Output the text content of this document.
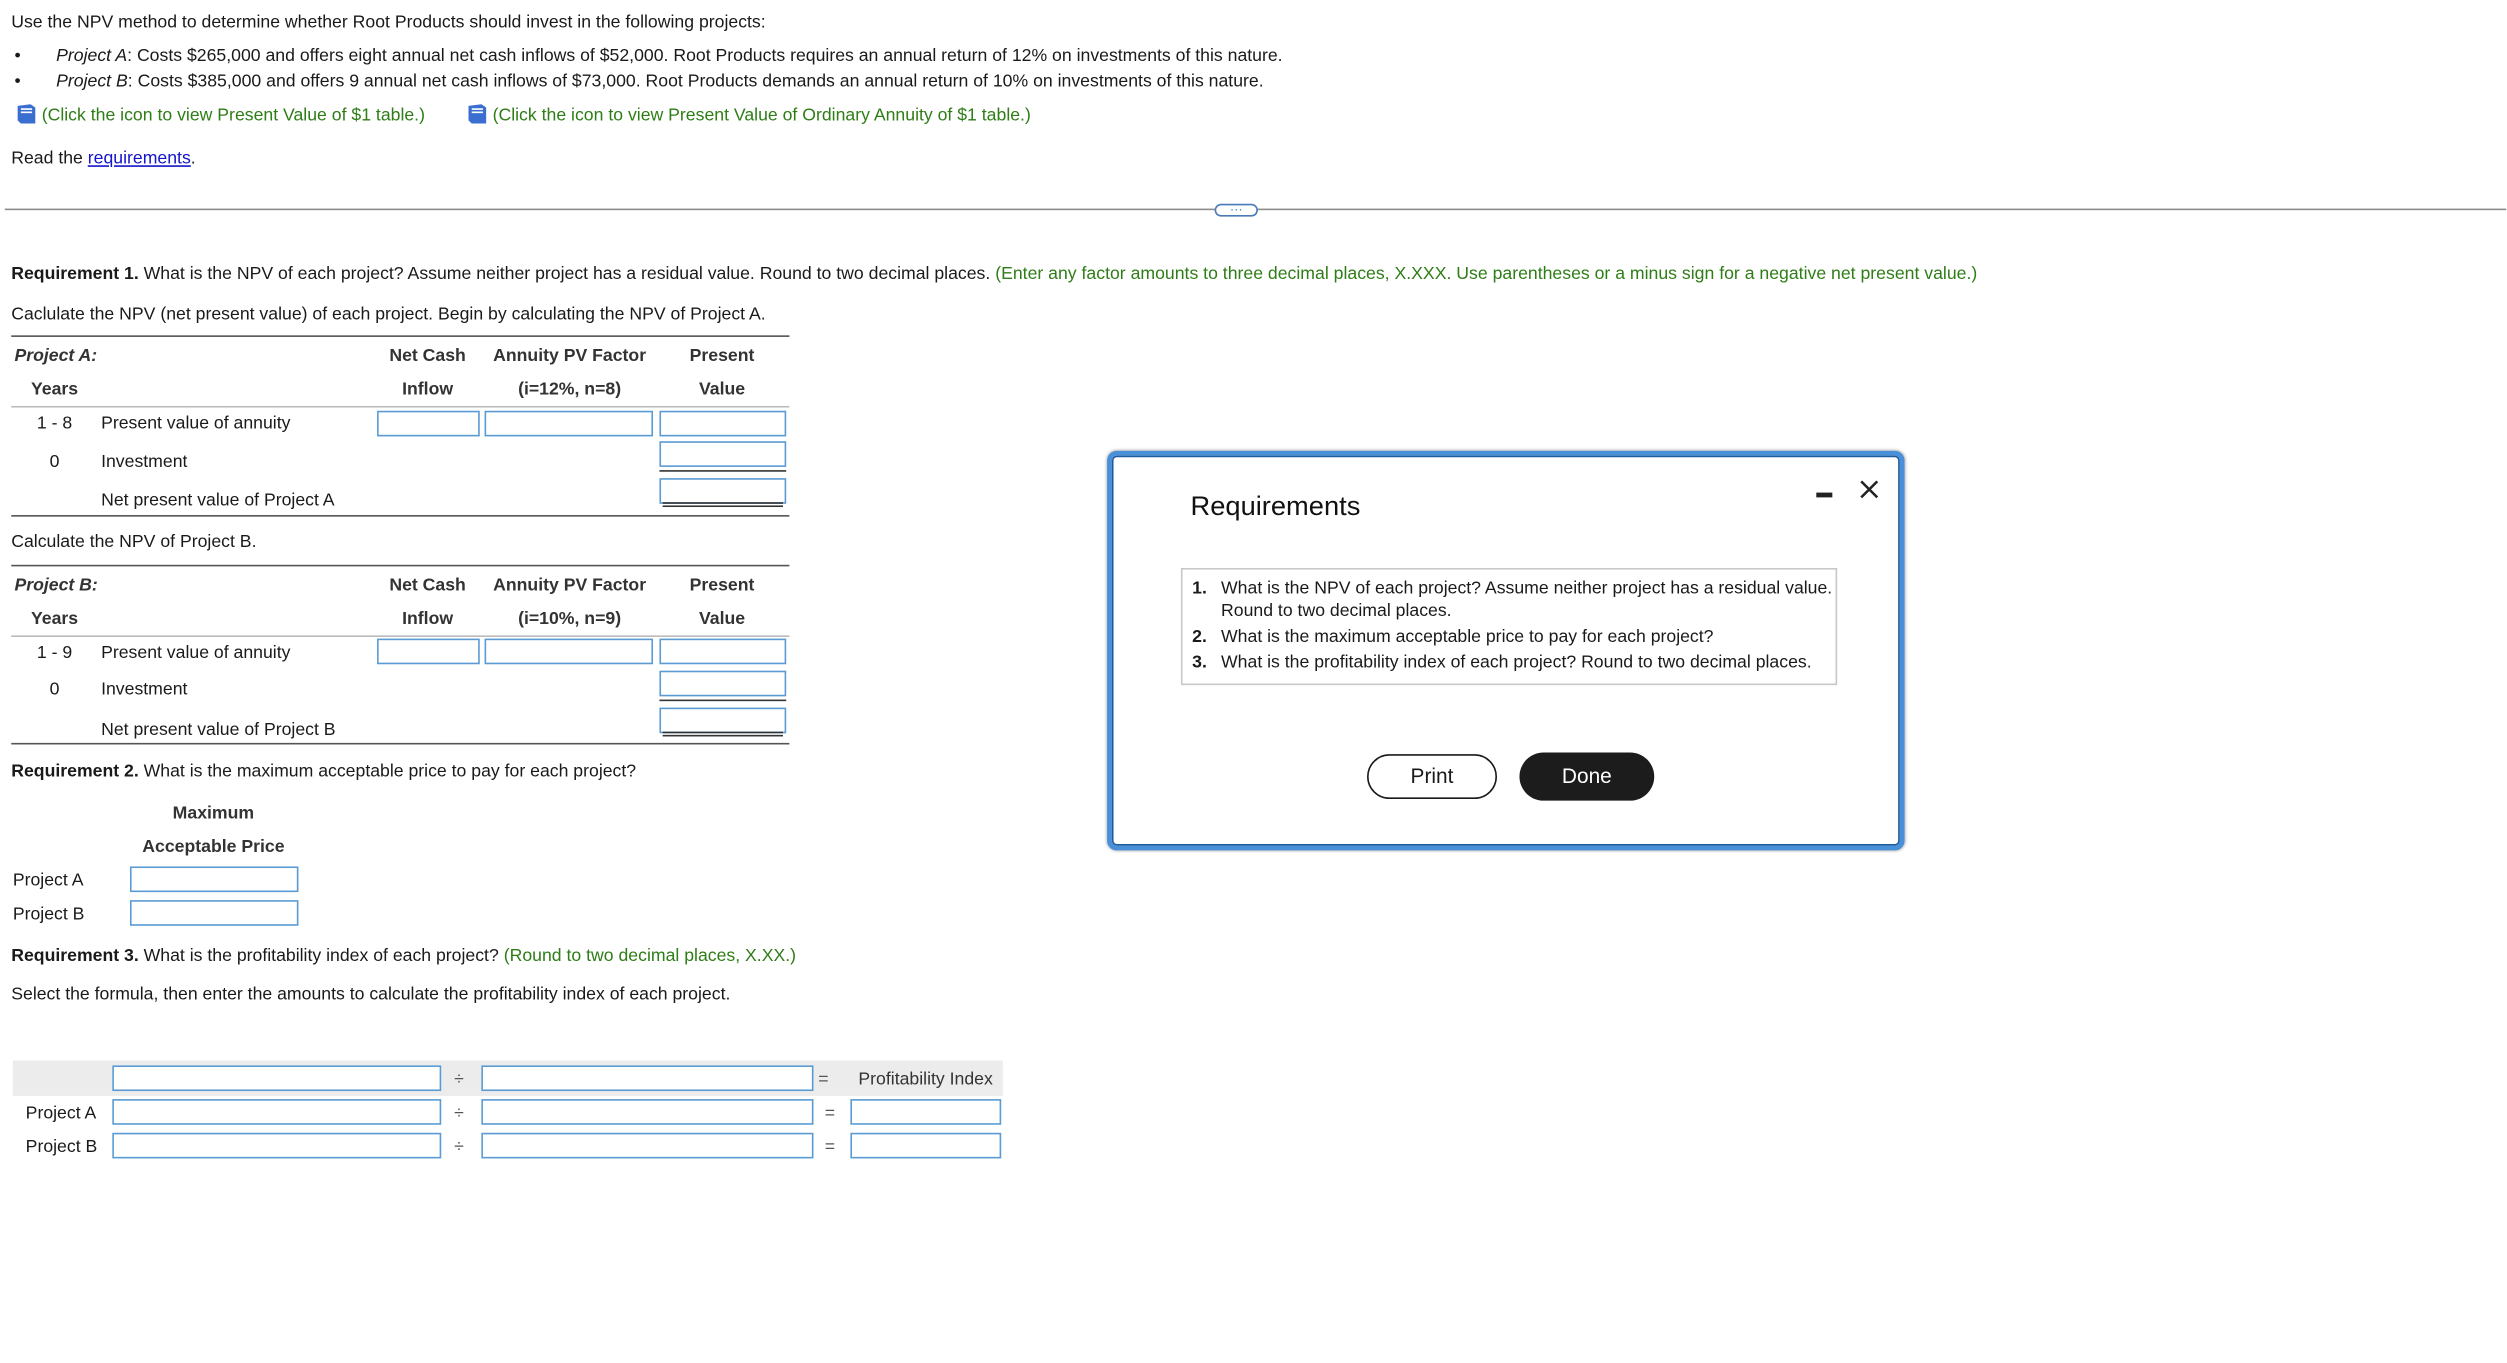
Use the NPV method to determine whether Root Products should invest in the following projects:
•	Project A: Costs $265,000 and offers eight annual net cash inflows of $52,000. Root Products requires an annual return of 12% on investments of this nature.
•	Project B: Costs $385,000 and offers 9 annual net cash inflows of $73,000. Root Products demands an annual return of 10% on investments of this nature.
(Click the icon to view Present Value of $1 table.)	(Click the icon to view Present Value of Ordinary Annuity of $1 table.)
Read the requirements.
···
Requirement 1. What is the NPV of each project? Assume neither project has a residual value. Round to two decimal places. (Enter any factor amounts to three decimal places, X.XXX. Use parentheses or a minus sign for a negative net present value.)
Caclulate the NPV (net present value) of each project. Begin by calculating the NPV of Project A.
Project A:	Net Cash	Annuity PV Factor	Present
Years	Inflow	(i=12%, n=8)	Value
1 - 8	Present value of annuity
0	Investment
Net present value of Project A
Calculate the NPV of Project B.
Project B:	Net Cash	Annuity PV Factor	Present
Years	Inflow	(i=10%, n=9)	Value
1 - 9	Present value of annuity
0	Investment
Net present value of Project B
Requirement 2. What is the maximum acceptable price to pay for each project?
Maximum
Acceptable Price
Project A
Project B
Requirement 3. What is the profitability index of each project? (Round to two decimal places, X.XX.)
Select the formula, then enter the amounts to calculate the profitability index of each project.
÷	=	Profitability Index
Project A	÷	=
Project B	÷	=
Requirements
1. What is the NPV of each project? Assume neither project has a residual value.
Round to two decimal places.
2. What is the maximum acceptable price to pay for each project?
3. What is the profitability index of each project? Round to two decimal places.
Print	Done
